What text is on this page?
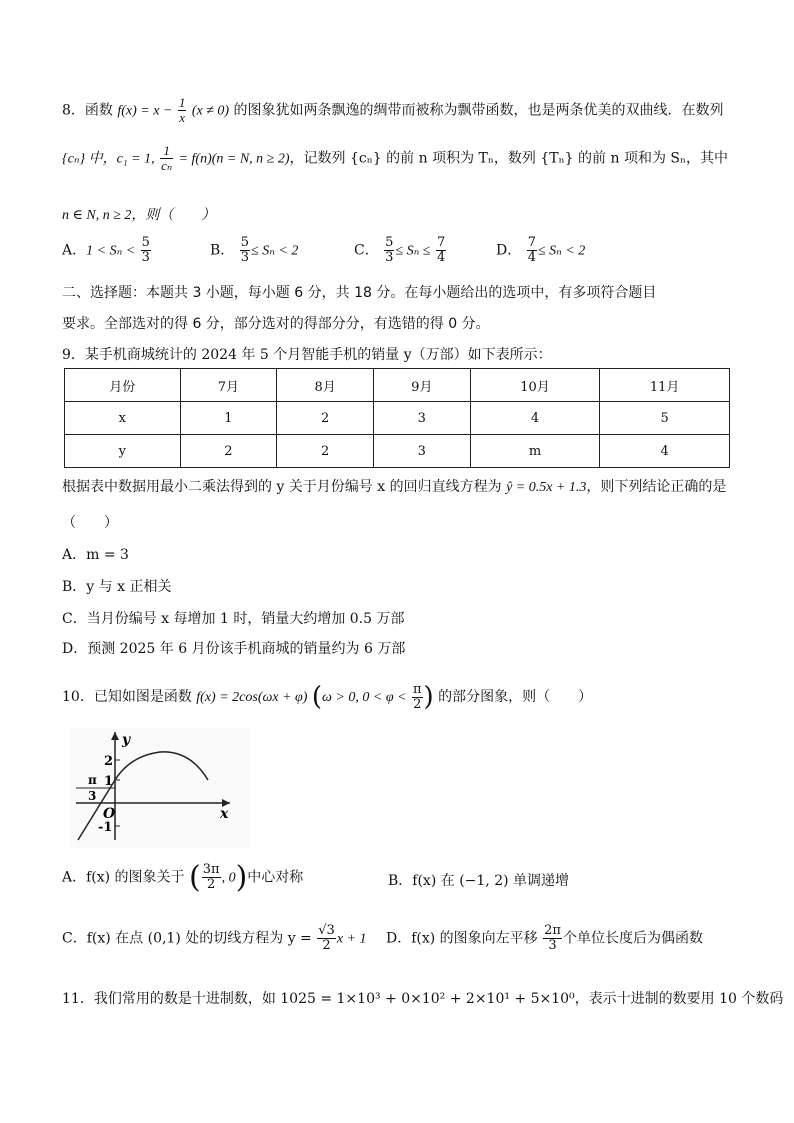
8．函数 $f(x) = x - \frac{1}{x} (x \ne 0)$ 的图象犹如两条飘逸的绸带而被称为飘带函数，也是两条优美的双曲线．在数列
{cₙ} 中，c₁ = 1, $\frac{1}{\text{cₙ}} = f(n)(n = N$, n ≥ 2)，记数列 {cₙ} 的前 n 项积为 Tₙ，数列 {Tₙ} 的前 n 项和为 Sₙ，其中
n ∈ N, n ≥ 2，则（　　）
A．$1 < S_n < \frac{5}{3}$	B． $\frac{5}{3} \le S_n < 2$	C． $\frac{5}{3} \le S_n \le \frac{7}{4}$	D． $\frac{7}{4} \le S_n < 2$
二、选择题：本题共 3 小题，每小题 6 分，共 18 分。在每小题给出的选项中，有多项符合题目
要求。全部选对的得 6 分，部分选对的得部分分，有选错的得 0 分。
9．某手机商城统计的 2024 年 5 个月智能手机的销量 y（万部）如下表所示：
月份	7月	8月	9月	10月	11月
x	1	2	3	4	5
y	2	2	3	m	4
根据表中数据用最小二乘法得到的 y 关于月份编号 x 的回归直线方程为 ŷ = 0.5x + 1.3，则下列结论正确的是
（　　）
A．m = 3
B．y 与 x 正相关
C．当月份编号 x 每增加 1 时，销量大约增加 0.5 万部
D．预测 2025 年 6 月份该手机商城的销量约为 6 万部
10．已知如图是函数 f(x) = 2cos(ωx + φ) (ω > 0, $0 < \varphi < \frac{\pi}{2}$ ) 的部分图象，则（　　）
y
x
O
2
1
-1
π
3
A．f(x) 的图象关于 ( $\frac{3\pi}{2}$ , 0)中心对称	B．f(x) 在 (−1, 2) 单调递增
C．f(x) 在点 (0,1) 处的切线方程为 $y = \frac{√3}{2}$ x + 1 D．f(x) 的图象向左平移 $\frac{2\pi}{3}$ 个单位长度后为偶函数
11．我们常用的数是十进制数，如 1025 = 1×10³ + 0×10² + 2×10¹ + 5×10⁰，表示十进制的数要用 10 个数码
